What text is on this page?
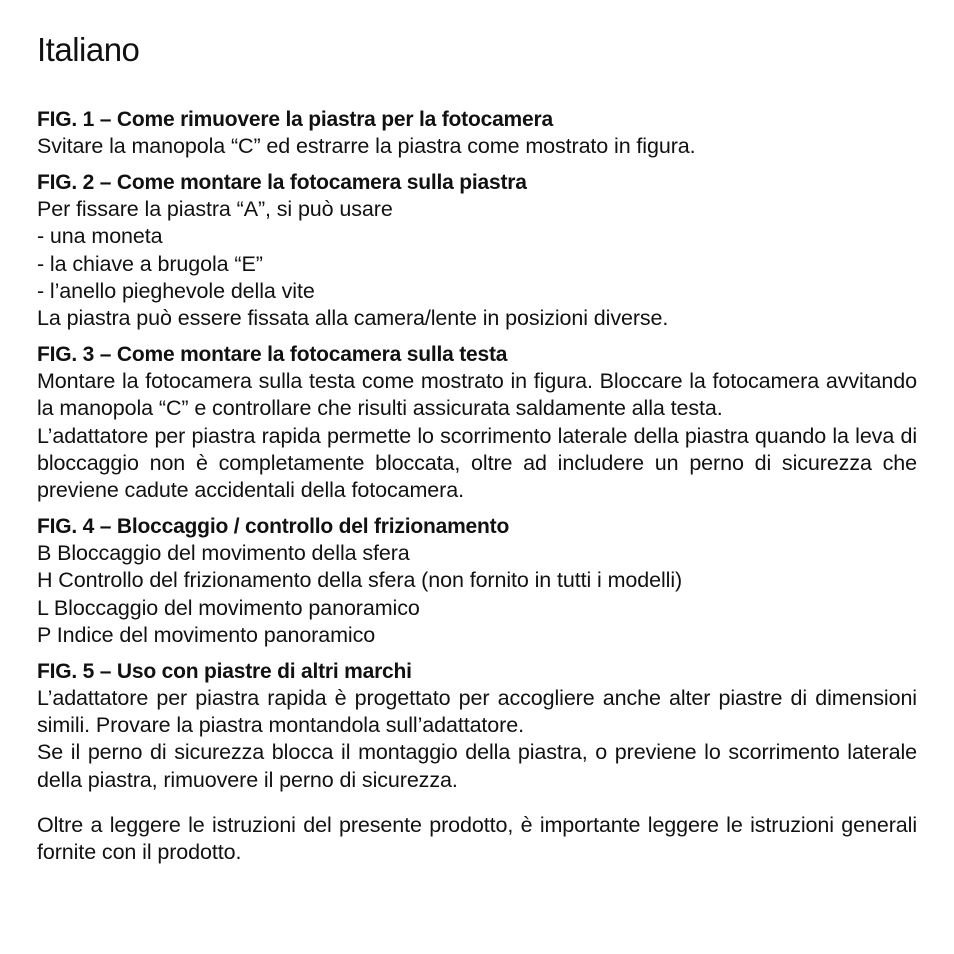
Italiano
FIG. 1 – Come rimuovere la piastra per la fotocamera
Svitare la manopola “C” ed estrarre la piastra come mostrato in figura.
FIG. 2 – Come montare la fotocamera sulla piastra
Per fissare la piastra “A”, si può usare
- una moneta
- la chiave a brugola “E”
- l’anello pieghevole della vite
La piastra può essere fissata alla camera/lente in posizioni diverse.
FIG. 3 – Come montare la fotocamera sulla testa
Montare la fotocamera sulla testa come mostrato in figura. Bloccare la fotocamera avvitando la manopola “C” e controllare che risulti assicurata saldamente alla testa.
L’adattatore per piastra rapida permette lo scorrimento laterale della piastra quando la leva di bloccaggio non è completamente bloccata, oltre ad includere un perno di sicurezza che previene cadute accidentali della fotocamera.
FIG. 4 – Bloccaggio / controllo del frizionamento
B Bloccaggio del movimento della sfera
H Controllo del frizionamento della sfera (non fornito in tutti i modelli)
L Bloccaggio del movimento panoramico
P Indice del movimento panoramico
FIG. 5 – Uso con piastre di altri marchi
L’adattatore per piastra rapida è progettato per accogliere anche alter piastre di dimensioni simili. Provare la piastra montandola sull’adattatore.
Se il perno di sicurezza blocca il montaggio della piastra, o previene lo scorrimento laterale della piastra, rimuovere il perno di sicurezza.
Oltre a leggere le istruzioni del presente prodotto, è importante leggere le istruzioni generali fornite con il prodotto.
